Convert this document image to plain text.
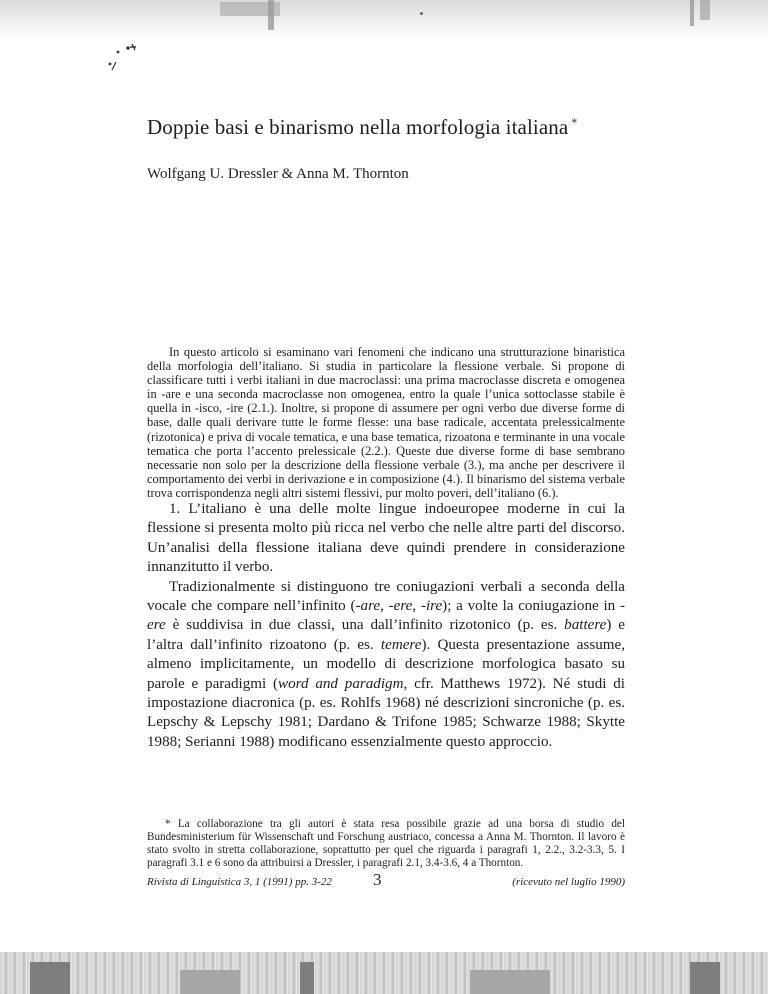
Doppie basi e binarismo nella morfologia italiana *
Wolfgang U. Dressler & Anna M. Thornton

In questo articolo si esaminano vari fenomeni che indicano una strutturazione binaristica della morfologia dell’italiano. Si studia in particolare la flessione verbale. Si propone di classificare tutti i verbi italiani in due macroclassi: una prima macroclasse discreta e omogenea in -are e una seconda macroclasse non omogenea, entro la quale l’unica sottoclasse stabile è quella in -isco, -ire (2.1.). Inoltre, si propone di assumere per ogni verbo due diverse forme di base, dalle quali derivare tutte le forme flesse: una base radicale, accentata prelessicalmente (rizotonica) e priva di vocale tematica, e una base tematica, rizoatona e terminante in una vocale tematica che porta l’accento prelessicale (2.2.). Queste due diverse forme di base sembrano necessarie non solo per la descrizione della flessione verbale (3.), ma anche per descrivere il comportamento dei verbi in derivazione e in composizione (4.). Il binarismo del sistema verbale trova corrispondenza negli altri sistemi flessivi, pur molto poveri, dell’italiano (6.).

1. L’italiano è una delle molte lingue indoeuropee moderne in cui la flessione si presenta molto più ricca nel verbo che nelle altre parti del discorso. Un’analisi della flessione italiana deve quindi prendere in considerazione innanzitutto il verbo.

Tradizionalmente si distinguono tre coniugazioni verbali a seconda della vocale che compare nell’infinito (-are, -ere, -ire); a volte la coniugazione in -ere è suddivisa in due classi, una dall’infinito rizotonico (p. es. battere) e l’altra dall’infinito rizoatono (p. es. temere). Questa presentazione assume, almeno implicitamente, un modello di descrizione morfologica basato su parole e paradigmi (word and paradigm, cfr. Matthews 1972). Né studi di impostazione diacronica (p. es. Rohlfs 1968) né descrizioni sincroniche (p. es. Lepschy & Lepschy 1981; Dardano & Trifone 1985; Schwarze 1988; Skytte 1988; Serianni 1988) modificano essenzialmente questo approccio.

* La collaborazione tra gli autori è stata resa possibile grazie ad una borsa di studio del Bundesministerium für Wissenschaft und Forschung austriaco, concessa a Anna M. Thornton. Il lavoro è stato svolto in stretta collaborazione, soprattutto per quel che riguarda i paragrafi 1, 2.2., 3.2-3.3, 5. I paragrafi 3.1 e 6 sono da attribuirsi a Dressler, i paragrafi 2.1, 3.4-3.6, 4 a Thornton.

Rivista di Linguistica 3, 1 (1991) pp. 3-22 3	(ricevuto nel luglio 1990)
